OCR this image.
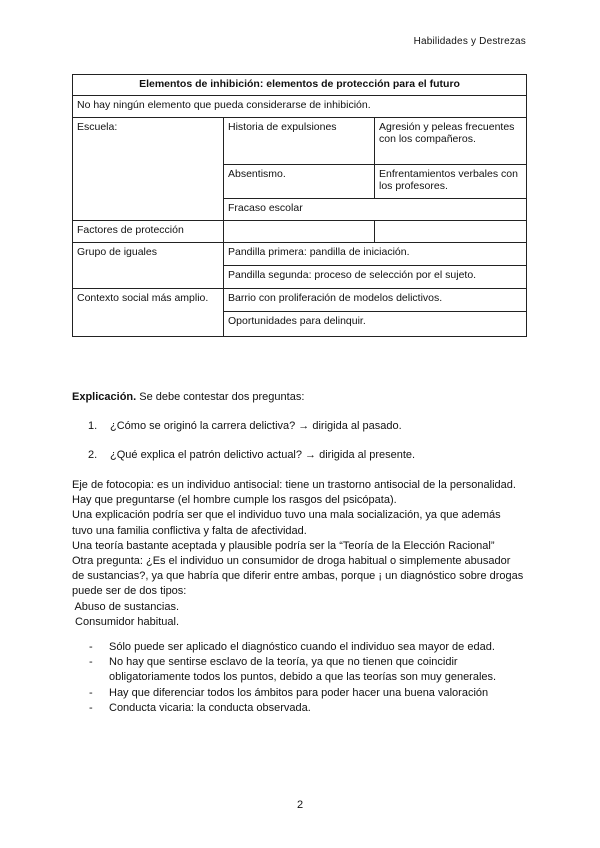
Habilidades y Destrezas
Elementos de inhibición: elementos de protección para el futuro		
No hay ningún elemento que pueda considerarse de inhibición.		
Escuela:	Historia de expulsiones	Agresión y peleas frecuentes con los compañeros.
	Absentismo.	Enfrentamientos verbales con los profesores.
	Fracaso escolar	
Factores de protección		
Grupo de iguales	Pandilla primera: pandilla de iniciación.	
	Pandilla segunda: proceso de selección por el sujeto.	
Contexto social más amplio.	Barrio con proliferación de modelos delictivos.	
	Oportunidades para delinquir.	
Explicación. Se debe contestar dos preguntas:
1. ¿Cómo se originó la carrera delictiva? → dirigida al pasado.
2. ¿Qué explica el patrón delictivo actual? → dirigida al presente.
Eje de fotocopia: es un individuo antisocial: tiene un trastorno antisocial de la personalidad.
Hay que preguntarse (el hombre cumple los rasgos del psicópata).
Una explicación podría ser que el individuo tuvo una mala socialización, ya que además
tuvo una familia conflictiva y falta de afectividad.
Una teoría bastante aceptada y plausible podría ser la “Teoría de la Elección Racional”
Otra pregunta: ¿Es el individuo un consumidor de droga habitual o simplemente abusador
de sustancias?, ya que habría que diferir entre ambas, porque ¡ un diagnóstico sobre drogas
puede ser de dos tipos:
Abuso de sustancias.
Consumidor habitual.
-	Sólo puede ser aplicado el diagnóstico cuando el individuo sea mayor de edad.
-	No hay que sentirse esclavo de la teoría, ya que no tienen que coincidir obligatoriamente todos los puntos, debido a que las teorías son muy generales.
-	Hay que diferenciar todos los ámbitos para poder hacer una buena valoración
-	Conducta vicaria: la conducta observada.
2
